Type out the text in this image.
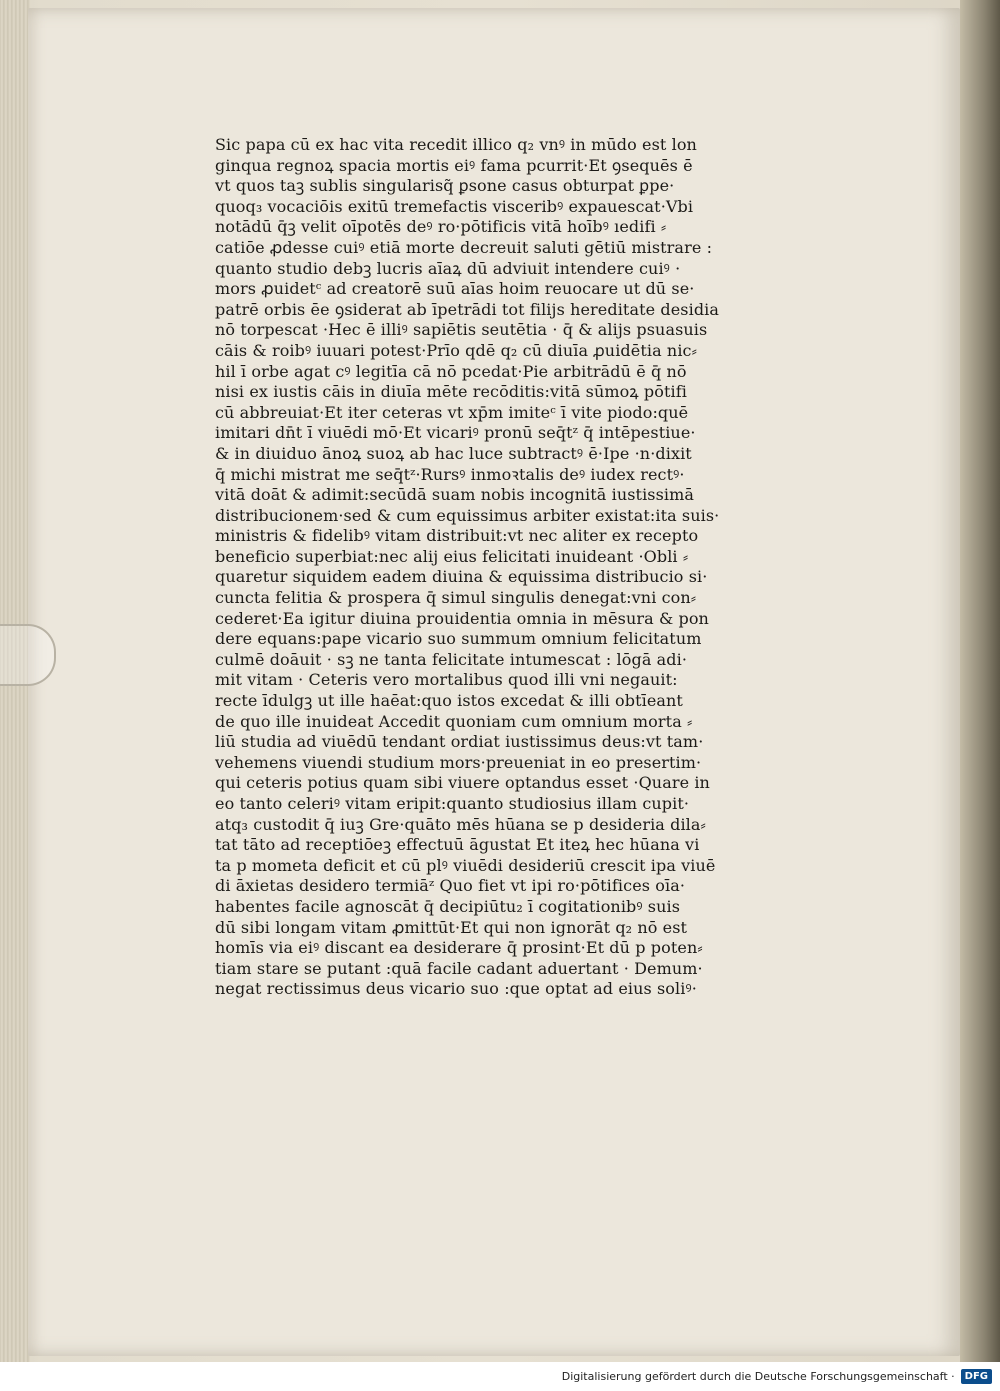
Sic papa cū ex hac vita recedit illico q₂ vnꝰ in mūdo est lon
ginqua regnoꝝ spacia mortis eiꝰ fama pcurrit·Et ꝯsequēs ē
vt quos taꝫ sublis singularisq̃ ꝑsone casus obturpat ꝑpe·
quoq₃ vocaciōis exitū tremefactis visceribꝰ expauescat·Vbi
notādū q̄ꝫ velit oīpotēs deꝰ ro·pōtificis vitā hoībꝰ ıedifi ⸗
catiōe ꝓdesse cuiꝰ etiā morte decreuit saluti gētiū mistrare :
quanto studio debꝫ lucris aīaꝝ dū adviuit intendere cuiꝰ ·
mors ꝓuidetᶜ ad creatorē suū aīas hoim reuocare ut dū se·
patrē orbis ēe ꝯsiderat ab īpetrādi tot filijs hereditate desidia
nō torpescat ·Hec ē illiꝰ sapiētis seutētia · q̄ & alijs psuasuis
cāis & roibꝰ iuuari potest·Prīo qdē q₂ cū diuīa ꝓuidētia nic⸗
hil ī orbe agat cꝰ legitīa cā nō pcedat·Pie arbitrādū ē q̄ nō
nisi ex iustis cāis in diuīa mēte recōditis:vitā sūmoꝝ pōtifi
cū abbreuiat·Et iter ceteras vt xp̄m imiteᶜ ī vite piodo:quē
imitari dn̄t ī viuēdi mō·Et vicariꝰ pronū seq̄tᶻ q̄ intēpestiue·
& in diuiduo ānoꝝ suoꝝ ab hac luce subtractꝰ ē·Ipe ·n·dixit
q̄ michi mistrat me seq̄tᶻ·Rursꝰ inmoꝛtalis deꝰ iudex rectꝰ·
vitā doāt & adimit:secūdā suam nobis incognitā iustissimā
distribucionem·sed & cum equissimus arbiter existat:ita suis·
ministris & fidelibꝰ vitam distribuit:vt nec aliter ex recepto
beneficio superbiat:nec alij eius felicitati inuideant ·Obli ⸗
quaretur siquidem eadem diuina & equissima distribucio si·
cuncta felitia & prospera q̄ simul singulis denegat:vni con⸗
cederet·Ea igitur diuina prouidentia omnia in mēsura & pon
dere equans:pape vicario suo summum omnium felicitatum
culmē doāuit · sꝫ ne tanta felicitate intumescat : lōgā adi·
mit vitam · Ceteris vero mortalibus quod illi vni negauit:
recte īdulgꝫ ut ille haēat:quo istos excedat & illi obtīeant
de quo ille inuideat Accedit quoniam cum omnium morta ⸗
liū studia ad viuēdū tendant ordiat iustissimus deus:vt tam·
vehemens viuendi studium mors·preueniat in eo presertim·
qui ceteris potius quam sibi viuere optandus esset ·Quare in
eo tanto celeriꝰ vitam eripit:quanto studiosius illam cupit·
atq₃ custodit q̄ iuꝫ Gre·quāto mēs hūana se p desideria dila⸗
tat tāto ad receptiōeꝫ effectuū āgustat Et iteꝝ hec hūana vi
ta p mometa deficit et cū plꝰ viuēdi desideriū crescit ipa viuē
di āxietas desidero termiāᶻ Quo fiet vt ipi ro·pōtifices oīa·
habentes facile agnoscāt q̄ decipiūtu₂ ī cogitationibꝰ suis
dū sibi longam vitam ꝓmittūt·Et qui non ignorāt q₂ nō est
homīs via eiꝰ discant ea desiderare q̄ prosint·Et dū p poten⸗
tiam stare se putant :quā facile cadant aduertant · Demum·
negat rectissimus deus vicario suo :que optat ad eius soliꝰ·
Digitalisierung gefördert durch die Deutsche Forschungsgemeinschaft ·	DFG
